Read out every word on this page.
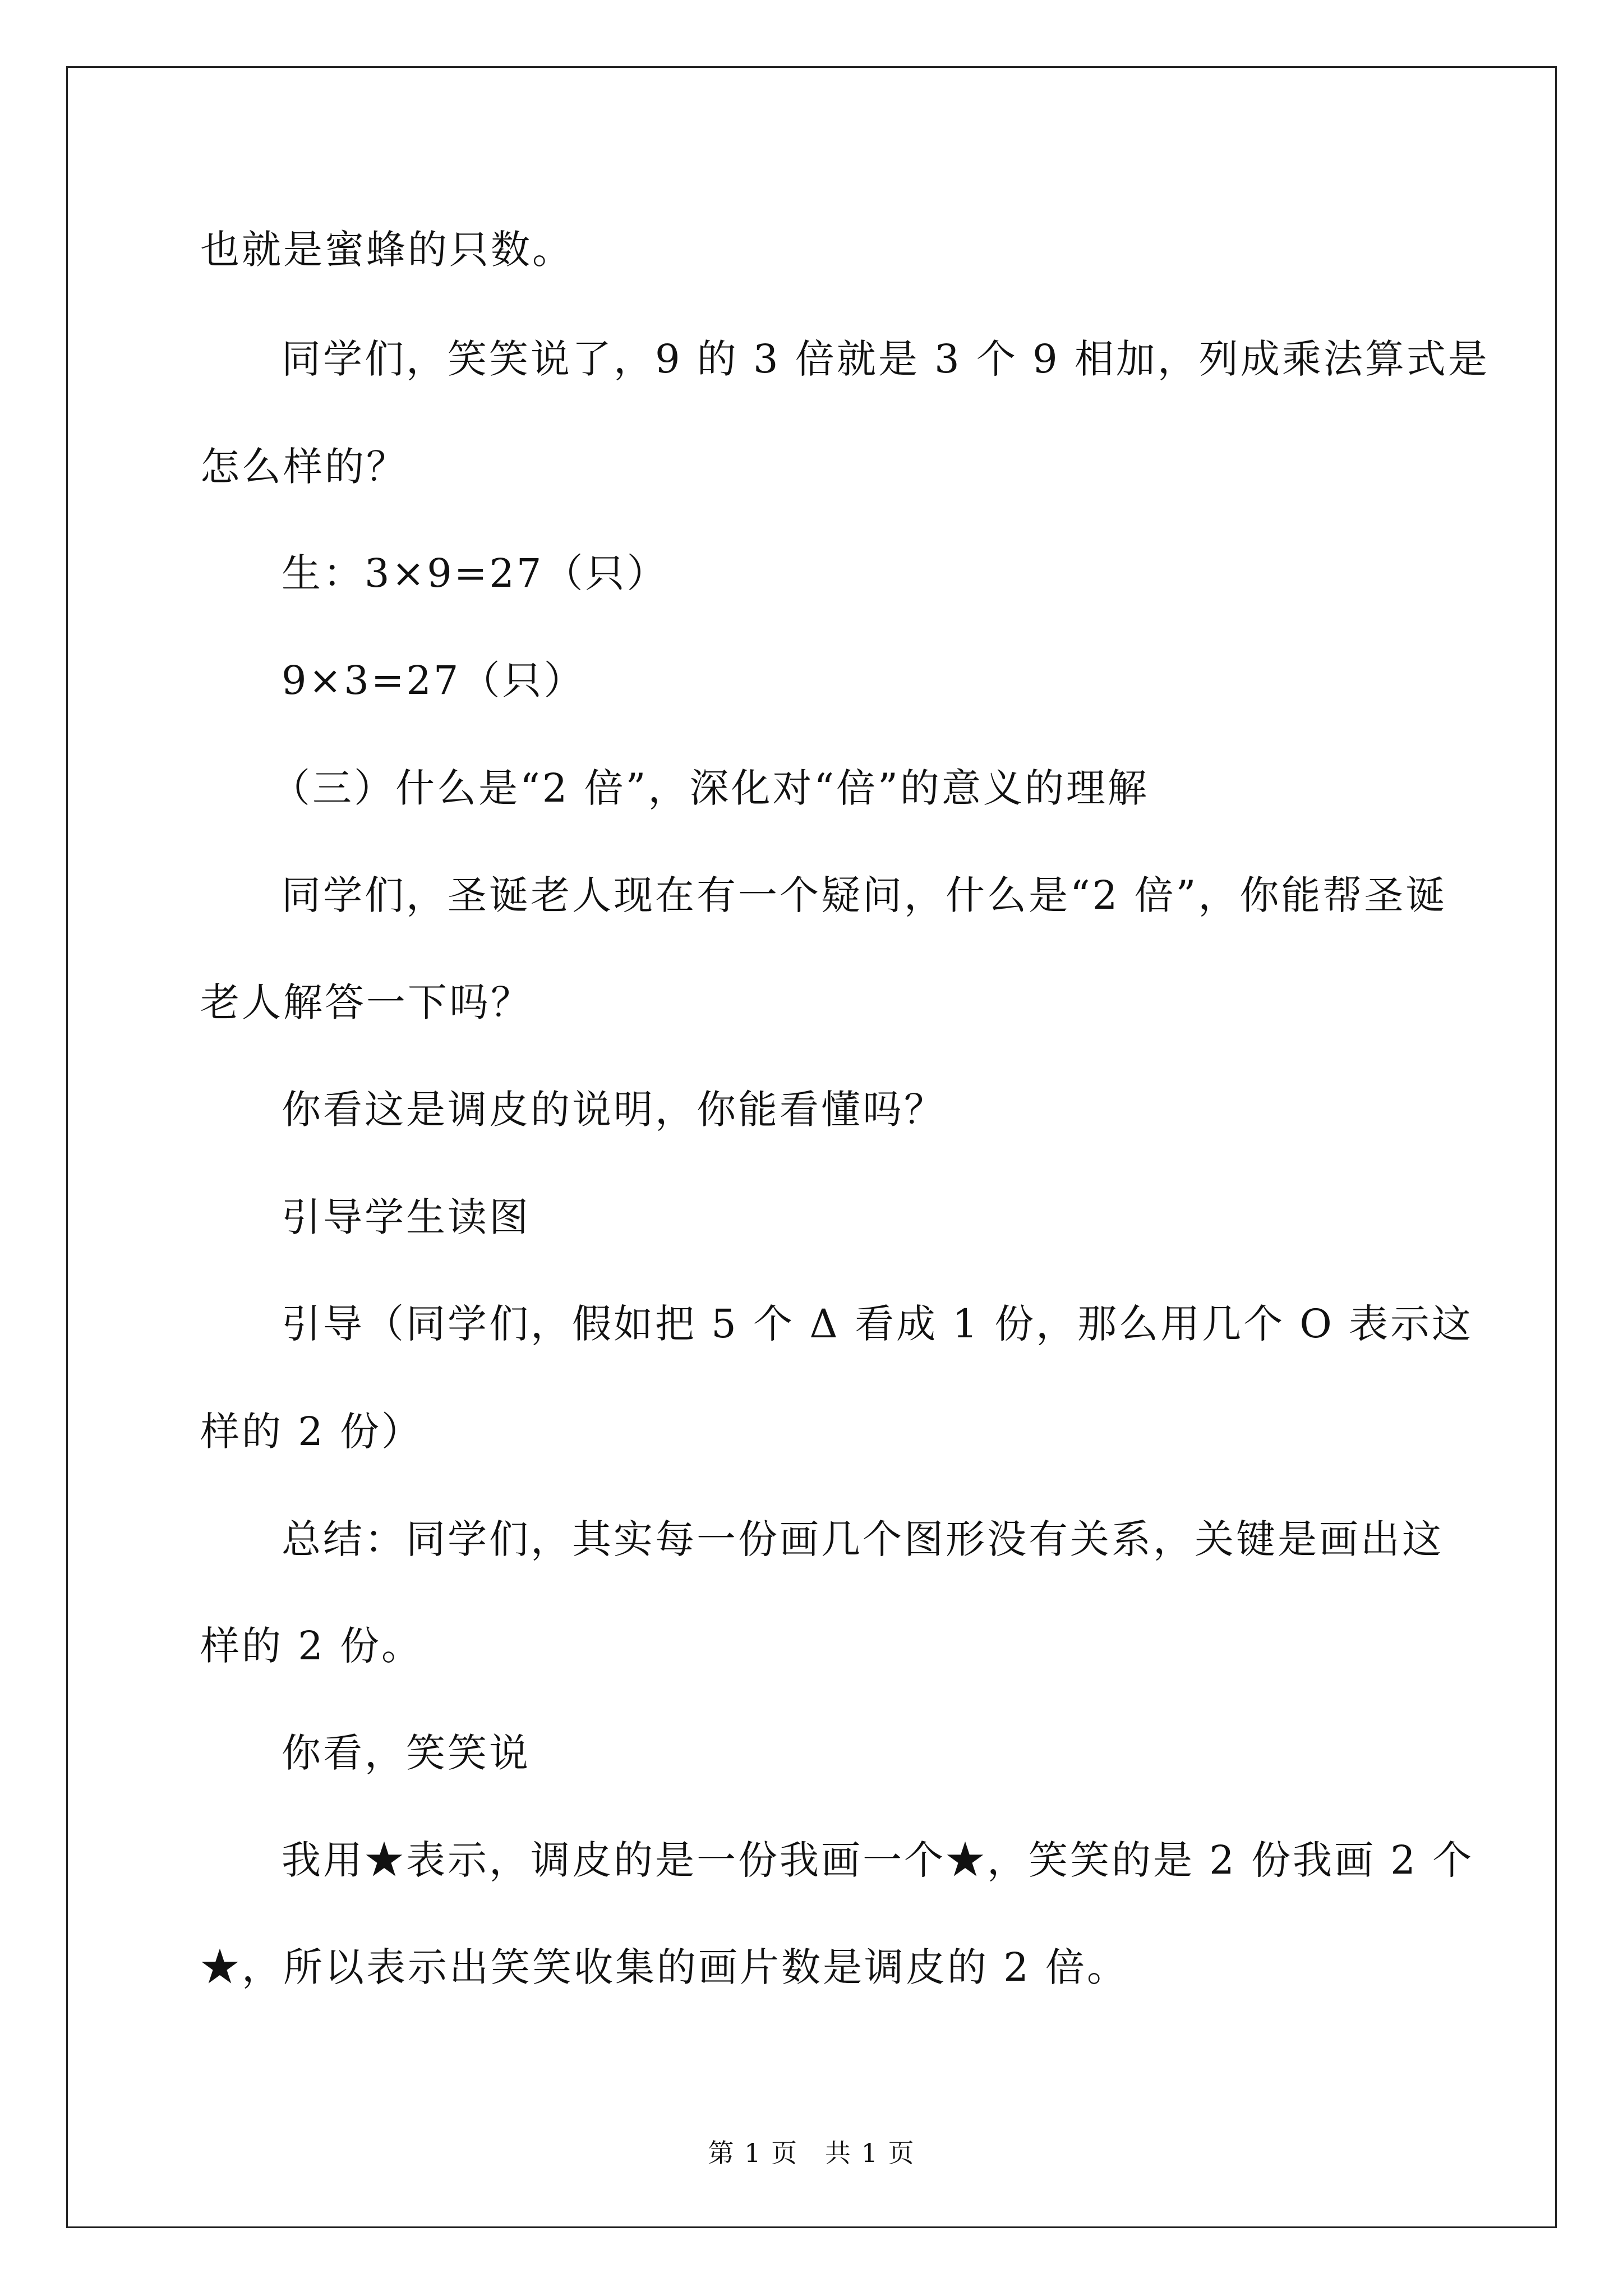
也就是蜜蜂的只数。
同学们，笑笑说了，9 的 3 倍就是 3 个 9 相加，列成乘法算式是
怎么样的？
生：3×9=27（只）
9×3=27（只）
（三）什么是“2 倍”，深化对“倍”的意义的理解
同学们，圣诞老人现在有一个疑问，什么是“2 倍”，你能帮圣诞
老人解答一下吗？
你看这是调皮的说明，你能看懂吗？
引导学生读图
引导（同学们，假如把 5 个 Δ 看成 1 份，那么用几个 O 表示这
样的 2 份）
总结：同学们，其实每一份画几个图形没有关系，关键是画出这
样的 2 份。
你看，笑笑说
我用★表示，调皮的是一份我画一个★，笑笑的是 2 份我画 2 个
★，所以表示出笑笑收集的画片数是调皮的 2 倍。
第 1 页　共 1 页
